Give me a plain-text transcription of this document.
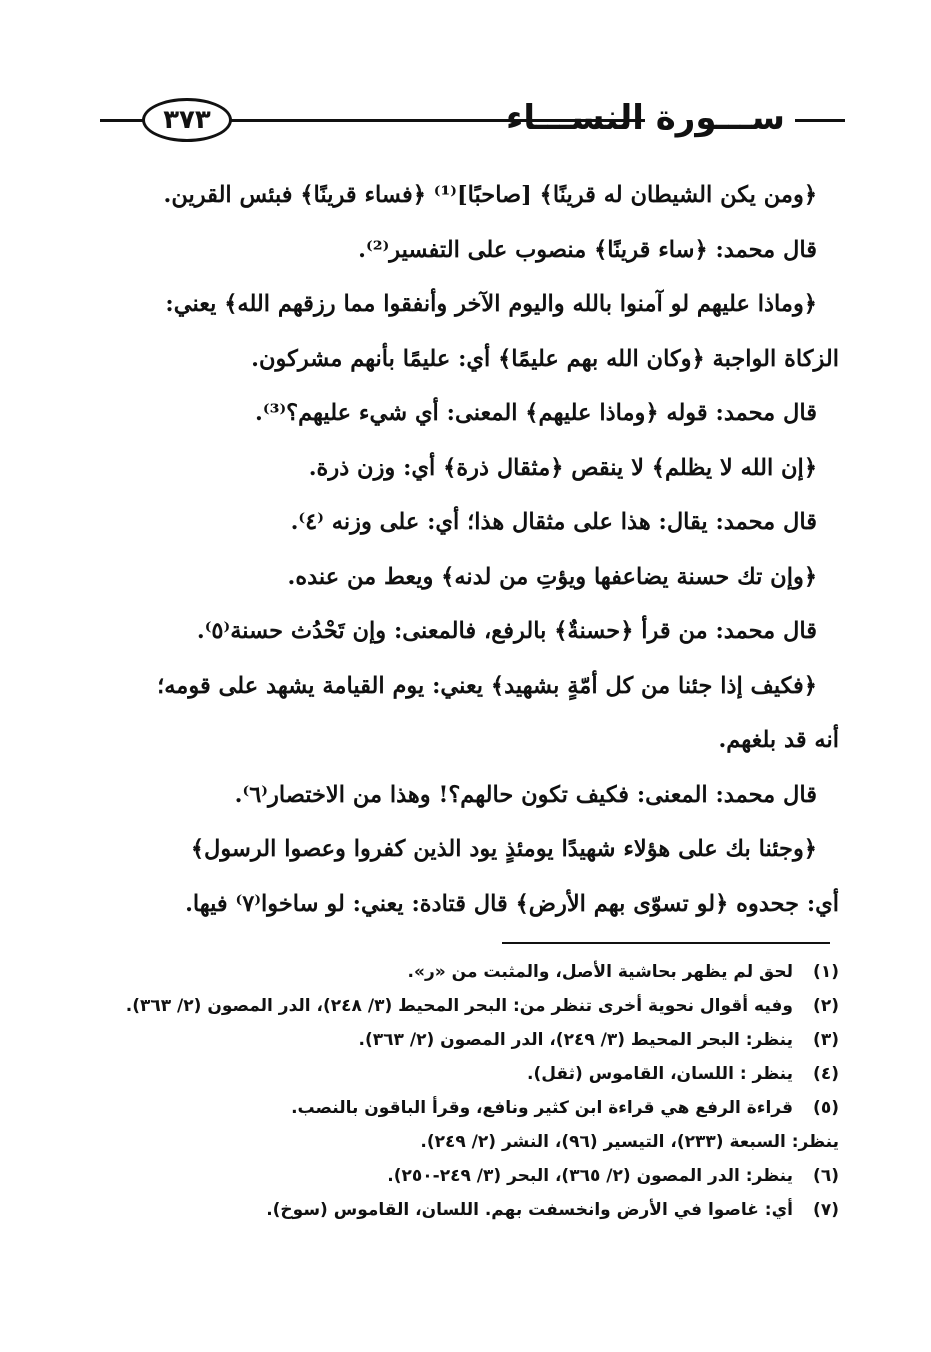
ســـورة النســـاء
٣٧٣

﴿ومن يكن الشيطان له قرينًا﴾ [صاحبًا]⁽¹⁾ ﴿فساء قرينًا﴾ فبئس القرين.

قال محمد: ﴿ساء قرينًا﴾ منصوب على التفسير⁽²⁾.

﴿وماذا عليهم لو آمنوا بالله واليوم الآخر وأنفقوا مما رزقهم الله﴾ يعني:

الزكاة الواجبة ﴿وكان الله بهم عليمًا﴾ أي: عليمًا بأنهم مشركون.

قال محمد: قوله ﴿وماذا عليهم﴾ المعنى: أي شيء عليهم؟⁽³⁾.

﴿إن الله لا يظلم﴾ لا ينقص ﴿مثقال ذرة﴾ أي: وزن ذرة.

قال محمد: يقال: هذا على مثقال هذا؛ أي: على وزنه ⁽٤⁾.

﴿وإن تك حسنة يضاعفها ويؤتِ من لدنه﴾ ويعط من عنده.

قال محمد: من قرأ ﴿حسنةٌ﴾ بالرفع، فالمعنى: وإن تَحْدُث حسنة⁽٥⁾.

﴿فكيف إذا جئنا من كل أمّةٍ بشهيد﴾ يعني: يوم القيامة يشهد على قومه؛

أنه قد بلغهم.

قال محمد: المعنى: فكيف تكون حالهم؟! وهذا من الاختصار⁽٦⁾.

﴿وجئنا بك على هؤلاء شهيدًا يومئذٍ يود الذين كفروا وعصوا الرسول﴾

أي: جحدوه ﴿لو تسوّى بهم الأرض﴾ قال قتادة: يعني: لو ساخوا⁽٧⁾ فيها.

(١)
لحق لم يظهر بحاشية الأصل، والمثبت من «ر».
(٢)
وفيه أقوال نحوية أخرى تنظر من: البحر المحيط (٣/ ٢٤٨)، الدر المصون (٢/ ٣٦٣).
(٣)
ينظر: البحر المحيط (٣/ ٢٤٩)، الدر المصون (٢/ ٣٦٣).
(٤)
ينظر : اللسان، القاموس (ثقل).
(٥)
قراءة الرفع هي قراءة ابن كثير ونافع، وقرأ الباقون بالنصب.
ينظر: السبعة (٢٣٣)، التيسير (٩٦)، النشر (٢/ ٢٤٩).
(٦)
ينظر: الدر المصون (٢/ ٣٦٥)، البحر (٣/ ٢٤٩-٢٥٠).
(٧)
أي: غاصوا في الأرض وانخسفت بهم. اللسان، القاموس (سوخ).
